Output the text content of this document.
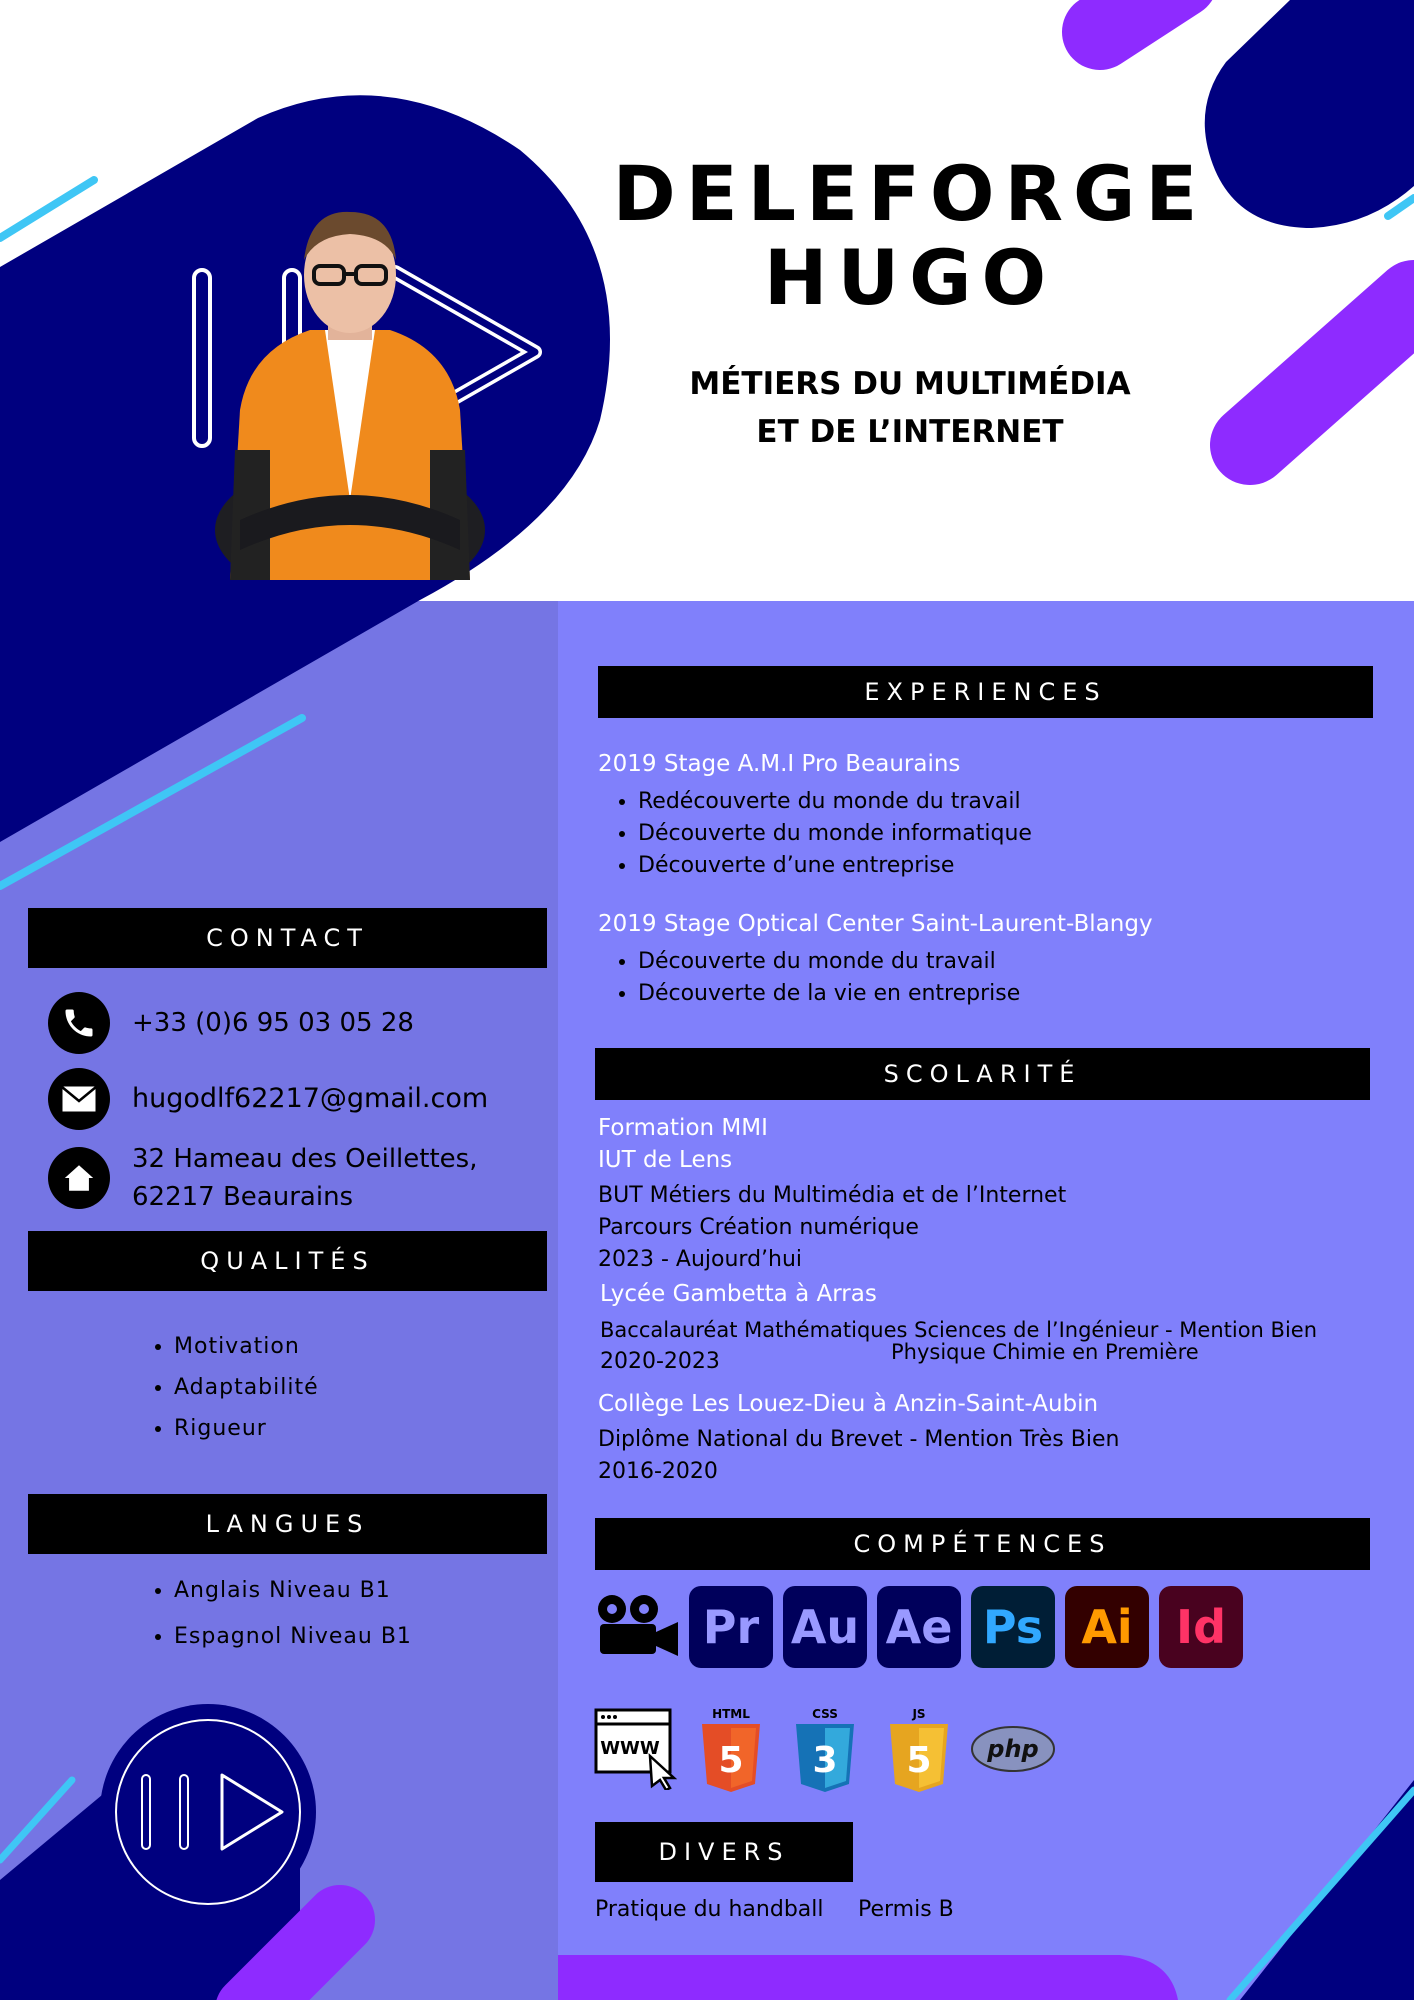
DELEFORGE
HUGO
MÉTIERS DU MULTIMÉDIA
ET DE L’INTERNET
CONTACT
+33 (0)6 95 03 05 28
hugodlf62217@gmail.com
32 Hameau des Oeillettes,
62217 Beaurains
QUALITÉS
• Motivation
• Adaptabilité
• Rigueur
LANGUES
• Anglais Niveau B1
• Espagnol Niveau B1
EXPERIENCES
2019 Stage A.M.I Pro Beaurains
• Redécouverte du monde du travail
• Découverte du monde informatique
• Découverte d’une entreprise
2019 Stage Optical Center Saint-Laurent-Blangy
• Découverte du monde du travail
• Découverte de la vie en entreprise
SCOLARITÉ
Formation MMI
IUT de Lens
BUT Métiers du Multimédia et de l’Internet
Parcours Création numérique
2023 - Aujourd’hui
Lycée Gambetta à Arras
Baccalauréat Mathématiques Sciences de l’Ingénieur - Mention Bien
Physique Chimie en Première
2020-2023
Collège Les Louez-Dieu à Anzin-Saint-Aubin
Diplôme National du Brevet - Mention Très Bien
2016-2020
COMPÉTENCES
Pr Au Ae Ps Ai Id
WWW
HTML
5
CSS
3
JS
5 php
DIVERS
Pratique du handball Permis B
